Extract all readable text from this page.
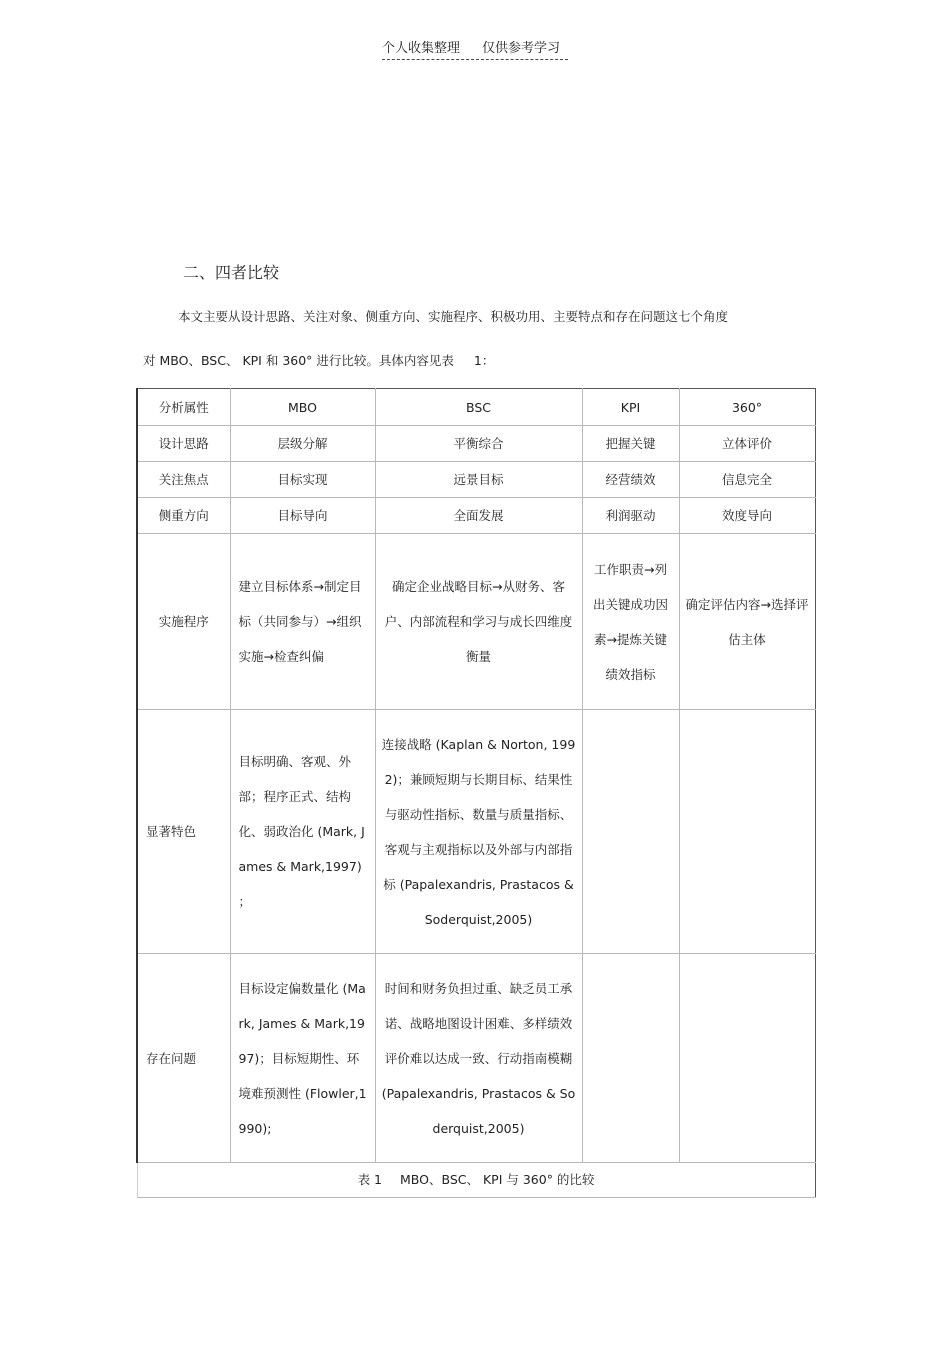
个人收集整理 仅供参考学习
二、四者比较
本文主要从设计思路、关注对象、侧重方向、实施程序、积极功用、主要特点和存在问题这七个角度
对 MBO、BSC、 KPI 和 360° 进行比较。具体内容见表 1：
分析属性	MBO	BSC	KPI	360°
设计思路	层级分解	平衡综合	把握关键	立体评价
关注焦点	目标实现	远景目标	经营绩效	信息完全
侧重方向	目标导向	全面发展	利润驱动	效度导向
实施程序	建立目标体系→制定目标（共同参与）→组织实施→检查纠偏	确定企业战略目标→从财务、客户、内部流程和学习与成长四维度衡量	工作职责→列出关键成功因素→提炼关键绩效指标	确定评估内容→选择评估主体

显著特色	目标明确、客观、外部；程序正式、结构化、弱政治化 (Mark, James & Mark,1997) ；	连接战略 (Kaplan & Norton, 1992)；兼顾短期与长期目标、结果性与驱动性指标、数量与质量指标、客观与主观指标以及外部与内部指标 (Papalexandris, Prastacos & Soderquist,2005)		

存在问题	目标设定偏数量化 (Mark, James & Mark,1997)；目标短期性、环境难预测性 (Flowler,1990);	时间和财务负担过重、缺乏员工承诺、战略地图设计困难、多样绩效评价难以达成一致、行动指南模糊 (Papalexandris, Prastacos & Soderquist,2005)		

表 1 MBO、BSC、 KPI 与 360° 的比较				
